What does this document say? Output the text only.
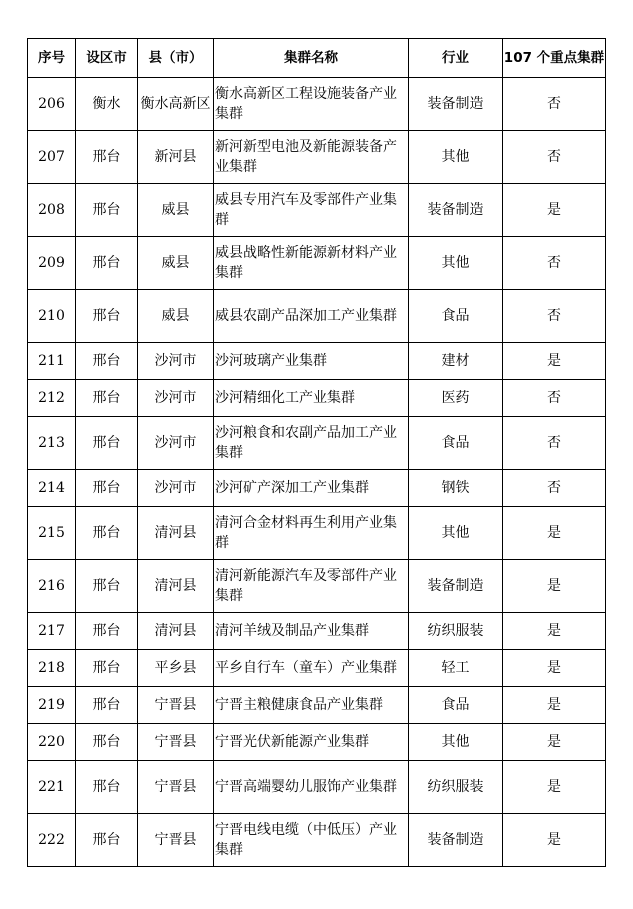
序号	设区市	县（市）	集群名称	行业	107 个重点集群
206	衡水	衡水高新区	衡水高新区工程设施装备产业集群	装备制造	否
207	邢台	新河县	新河新型电池及新能源装备产业集群	其他	否
208	邢台	威县	威县专用汽车及零部件产业集群	装备制造	是
209	邢台	威县	威县战略性新能源新材料产业集群	其他	否
210	邢台	威县	威县农副产品深加工产业集群	食品	否
211	邢台	沙河市	沙河玻璃产业集群	建材	是
212	邢台	沙河市	沙河精细化工产业集群	医药	否
213	邢台	沙河市	沙河粮食和农副产品加工产业集群	食品	否
214	邢台	沙河市	沙河矿产深加工产业集群	钢铁	否
215	邢台	清河县	清河合金材料再生利用产业集群	其他	是
216	邢台	清河县	清河新能源汽车及零部件产业集群	装备制造	是
217	邢台	清河县	清河羊绒及制品产业集群	纺织服装	是
218	邢台	平乡县	平乡自行车（童车）产业集群	轻工	是
219	邢台	宁晋县	宁晋主粮健康食品产业集群	食品	是
220	邢台	宁晋县	宁晋光伏新能源产业集群	其他	是
221	邢台	宁晋县	宁晋高端婴幼儿服饰产业集群	纺织服装	是
222	邢台	宁晋县	宁晋电线电缆（中低压）产业集群	装备制造	是
